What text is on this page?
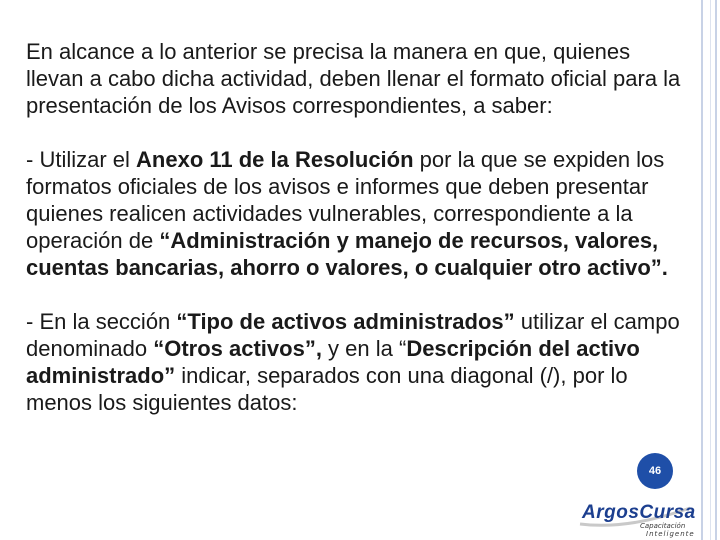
En alcance a lo anterior se precisa la manera en que, quienes llevan a cabo dicha actividad, deben llenar el formato oficial para la presentación de los Avisos correspondientes, a saber:

- Utilizar el Anexo 11 de la Resolución por la que se expiden los formatos oficiales de los avisos e informes que deben presentar quienes realicen actividades vulnerables, correspondiente a la operación de “Administración y manejo de recursos, valores, cuentas bancarias, ahorro o valores, o cualquier otro activo”.

- En la sección “Tipo de activos administrados” utilizar el campo denominado “Otros activos”, y en la “Descripción del activo administrado” indicar, separados con una diagonal (/), por lo menos los siguientes datos:

46
ArgosCursa
Capacitación
Inteligente
